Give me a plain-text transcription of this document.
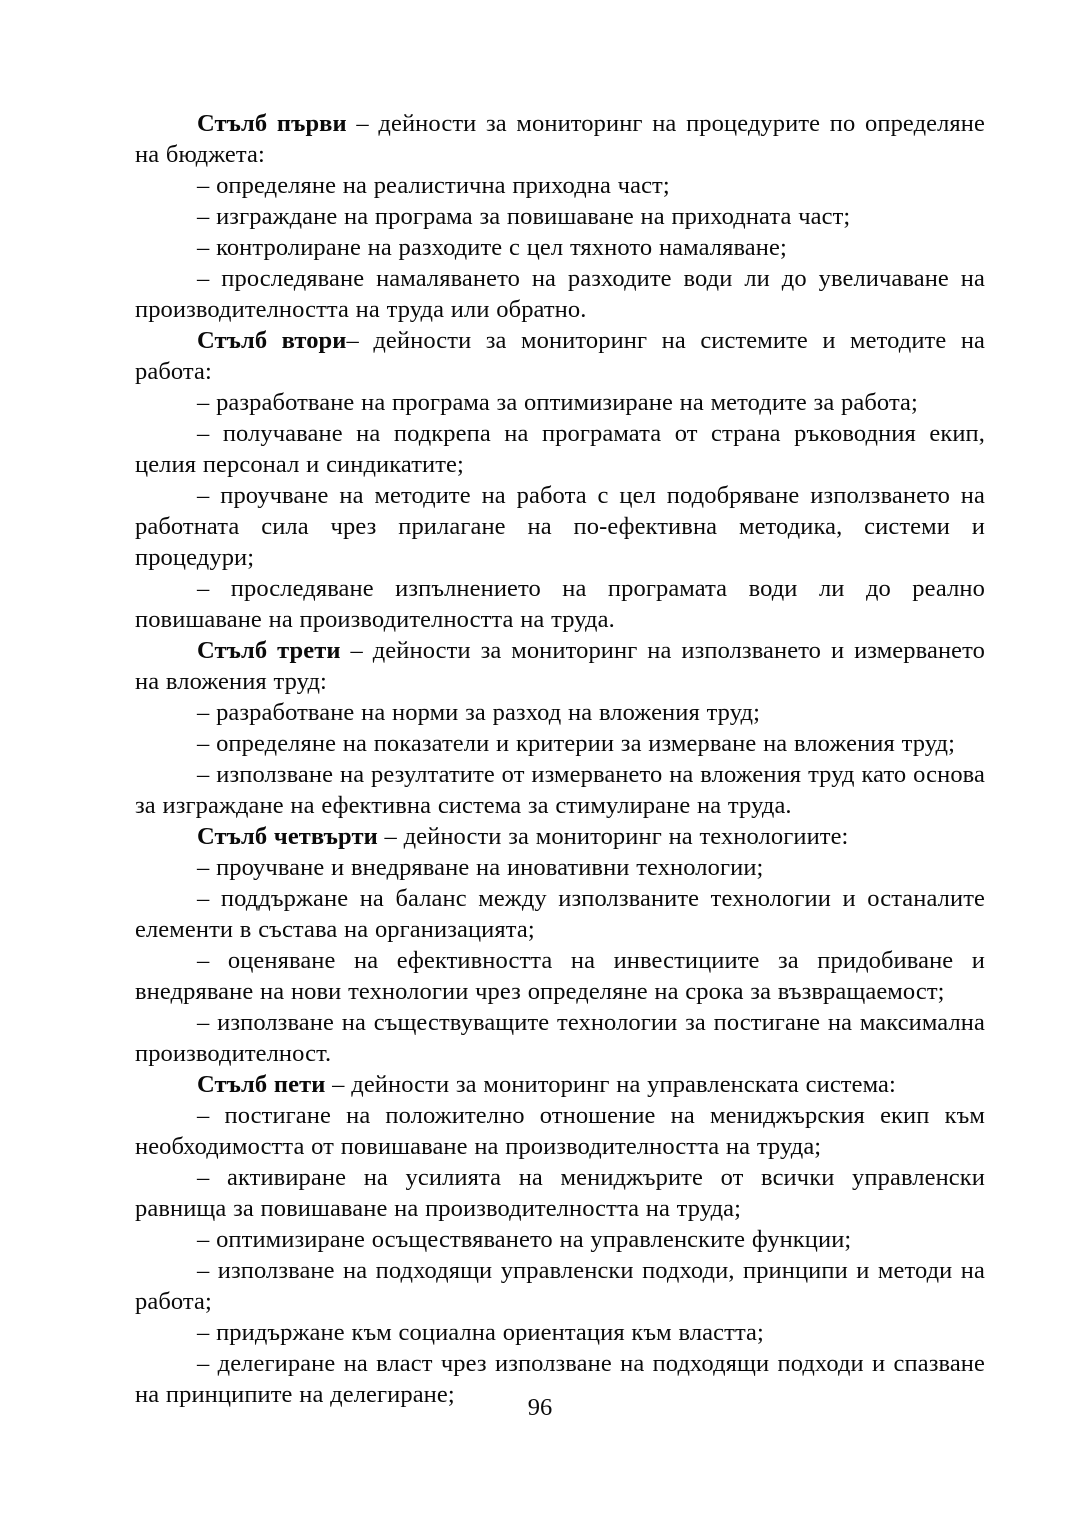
Стълб първи – дейности за мониторинг на процедурите по определяне на бюджета:

– определяне на реалистична приходна част;

– изграждане на програма за повишаване на приходната част;

– контролиране на разходите с цел тяхното намаляване;

– проследяване намаляването на разходите води ли до увеличаване на производителността на труда или обратно.

Стълб втори– дейности за мониторинг на системите и методите на работа:

– разработване на програма за оптимизиране на методите за работа;

– получаване на подкрепа на програмата от страна ръководния екип, целия персонал и синдикатите;

– проучване на методите на работа с цел подобряване използването на работната сила чрез прилагане на по-ефективна методика, системи и процедури;

– проследяване изпълнението на програмата води ли до реално повишаване на производителността на труда.

Стълб трети – дейности за мониторинг на използването и измерването на вложения труд:

– разработване на норми за разход на вложения труд;

– определяне на показатели и критерии за измерване на вложения труд;

– използване на резултатите от измерването на вложения труд като основа за изграждане на ефективна система за стимулиране на труда.

Стълб четвърти – дейности за мониторинг на технологиите:

– проучване и внедряване на иновативни технологии;

– поддържане на баланс между използваните технологии и останалите елементи в състава на организацията;

– оценяване на ефективността на инвестициите за придобиване и внедряване на нови технологии чрез определяне на срока за възвращаемост;

– използване на съществуващите технологии за постигане на максимална производителност.

Стълб пети – дейности за мониторинг на управленската система:

– постигане на положително отношение на мениджърския екип към необходимостта от повишаване на производителността на труда;

– активиране на усилията на мениджърите от всички управленски равнища за повишаване на производителността на труда;

– оптимизиране осъществяването на управленските функции;

– използване на подходящи управленски подходи, принципи и методи на работа;

– придържане към социална ориентация към властта;

– делегиране на власт чрез използване на подходящи подходи и спазване на принципите на делегиране;	96
